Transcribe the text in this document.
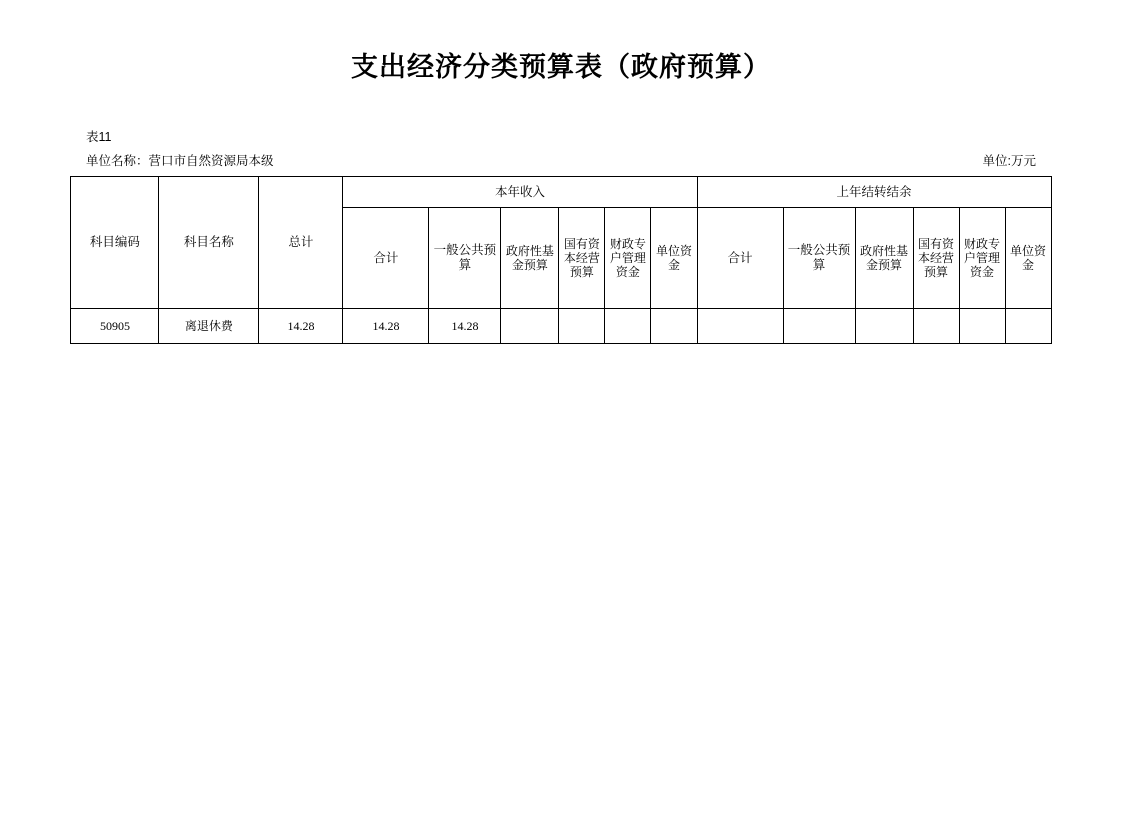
支出经济分类预算表（政府预算）
表11
单位名称：营口市自然资源局本级	单位:万元
科目编码	科目名称	总计	本年收入						上年结转结余					
			合计	一般公共预算	政府性基金预算	国有资本经营预算	财政专户管理资金	单位资金	合计	一般公共预算	政府性基金预算	国有资本经营预算	财政专户管理资金	单位资金
50905	离退休费	14.28	14.28	14.28										
